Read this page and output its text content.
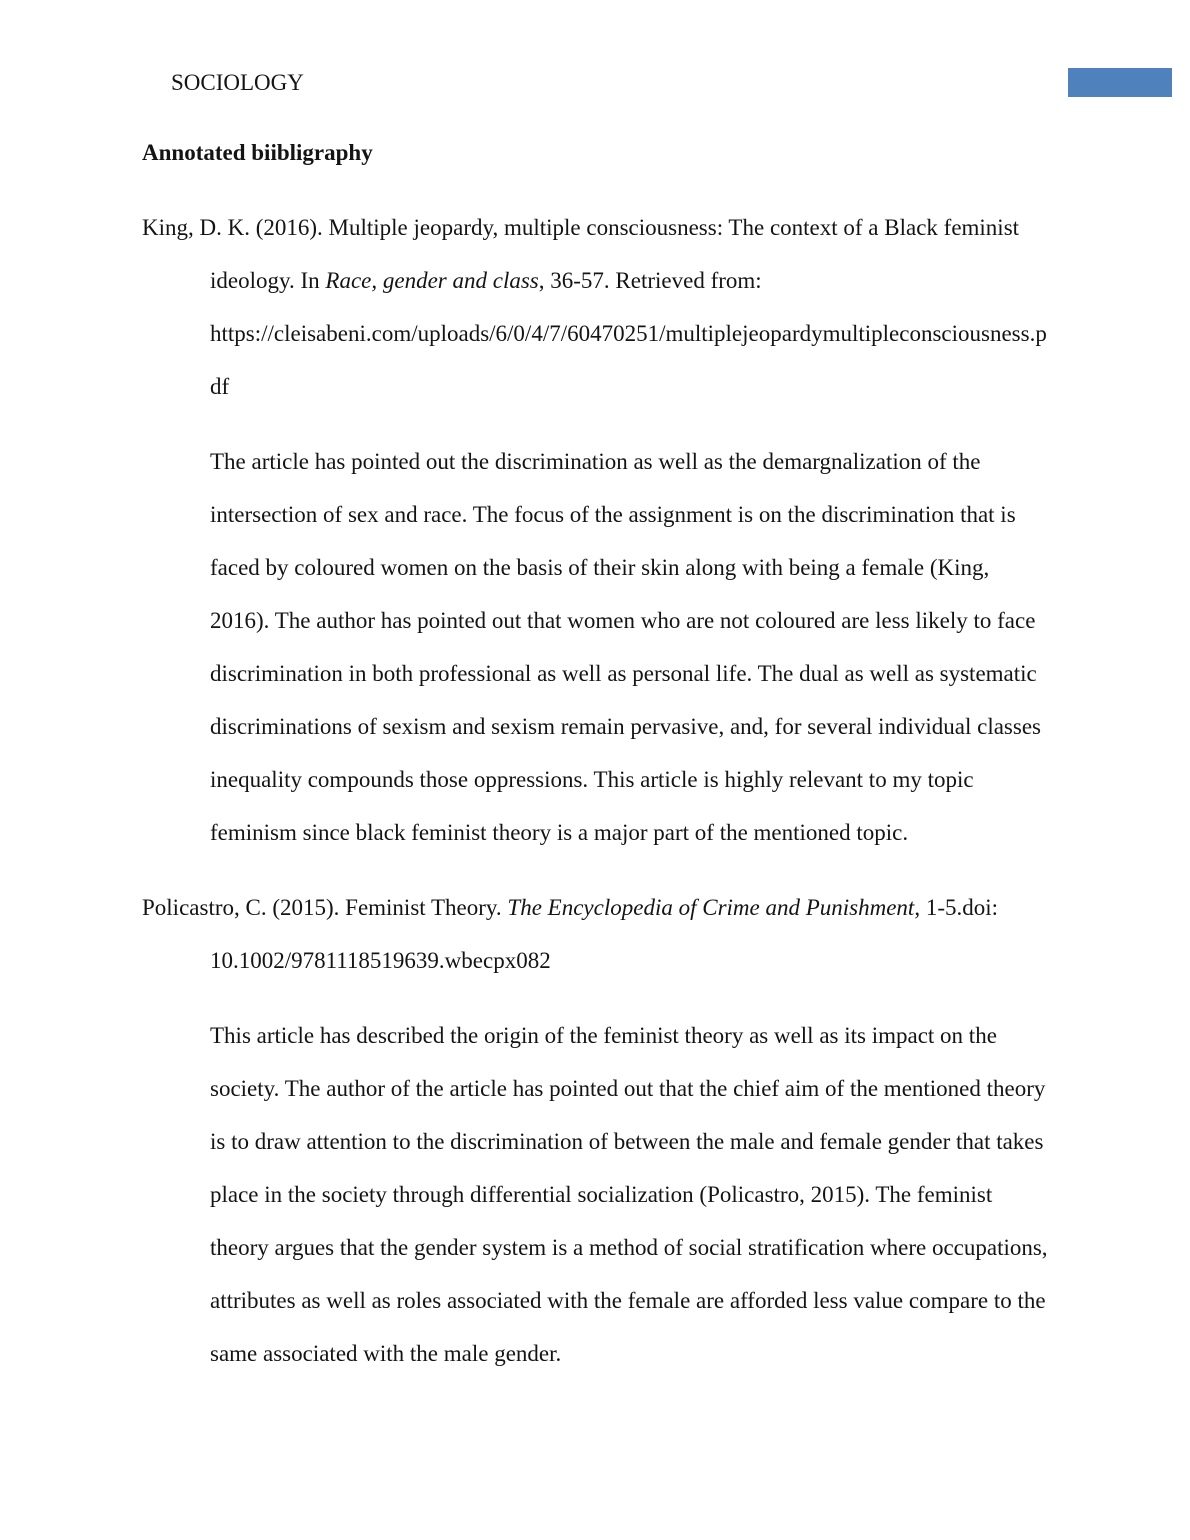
SOCIOLOGY
Annotated biibligraphy

King, D. K. (2016). Multiple jeopardy, multiple consciousness: The context of a Black feminist ideology. In Race, gender and class, 36-57. Retrieved from: https://cleisabeni.com/uploads/6/0/4/7/60470251/multiplejeopardymultipleconsciousness.pdf

The article has pointed out the discrimination as well as the demargnalization of the intersection of sex and race. The focus of the assignment is on the discrimination that is faced by coloured women on the basis of their skin along with being a female (King, 2016). The author has pointed out that women who are not coloured are less likely to face discrimination in both professional as well as personal life. The dual as well as systematic discriminations of sexism and sexism remain pervasive, and, for several individual classes inequality compounds those oppressions. This article is highly relevant to my topic feminism since black feminist theory is a major part of the mentioned topic.

Policastro, C. (2015). Feminist Theory. The Encyclopedia of Crime and Punishment, 1-5.doi: 10.1002/9781118519639.wbecpx082

This article has described the origin of the feminist theory as well as its impact on the society. The author of the article has pointed out that the chief aim of the mentioned theory is to draw attention to the discrimination of between the male and female gender that takes place in the society through differential socialization (Policastro, 2015). The feminist theory argues that the gender system is a method of social stratification where occupations, attributes as well as roles associated with the female are afforded less value compare to the same associated with the male gender.
